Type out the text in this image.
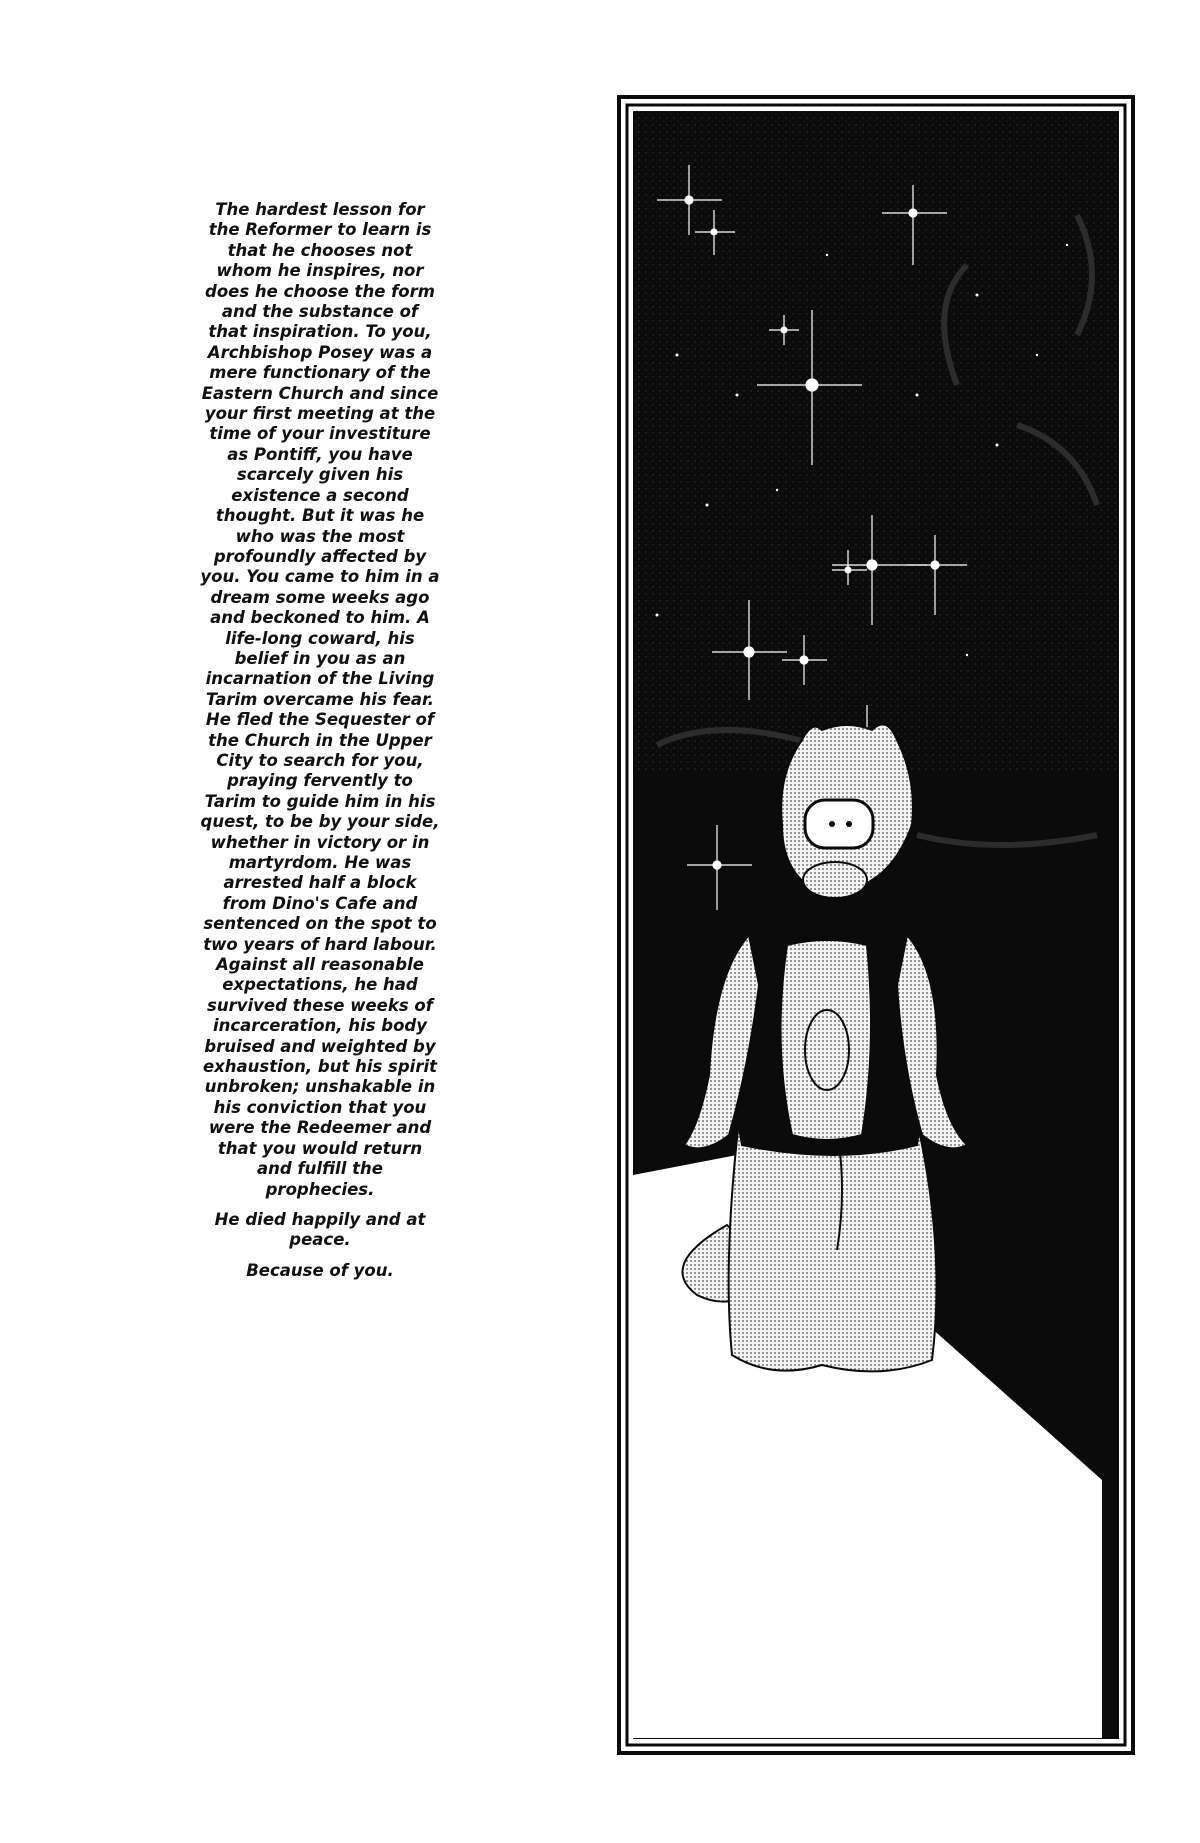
The hardest lesson for the Reformer to learn is that he chooses not whom he inspires, nor does he choose the form and the substance of that inspiration. To you, Archbishop Posey was a mere functionary of the Eastern Church and since your first meeting at the time of your investiture as Pontiff, you have scarcely given his existence a second thought. But it was he who was the most profoundly affected by you. You came to him in a dream some weeks ago and beckoned to him. A life-long coward, his belief in you as an incarnation of the Living Tarim overcame his fear. He fled the Sequester of the Church in the Upper City to search for you, praying fervently to Tarim to guide him in his quest, to be by your side, whether in victory or in martyrdom. He was arrested half a block from Dino's Cafe and sentenced on the spot to two years of hard labour. Against all reasonable expectations, he had survived these weeks of incarceration, his body bruised and weighted by exhaustion, but his spirit unbroken; unshakable in his conviction that you were the Redeemer and that you would return and fulfill the prophecies.

He died happily and at peace.

Because of you.
